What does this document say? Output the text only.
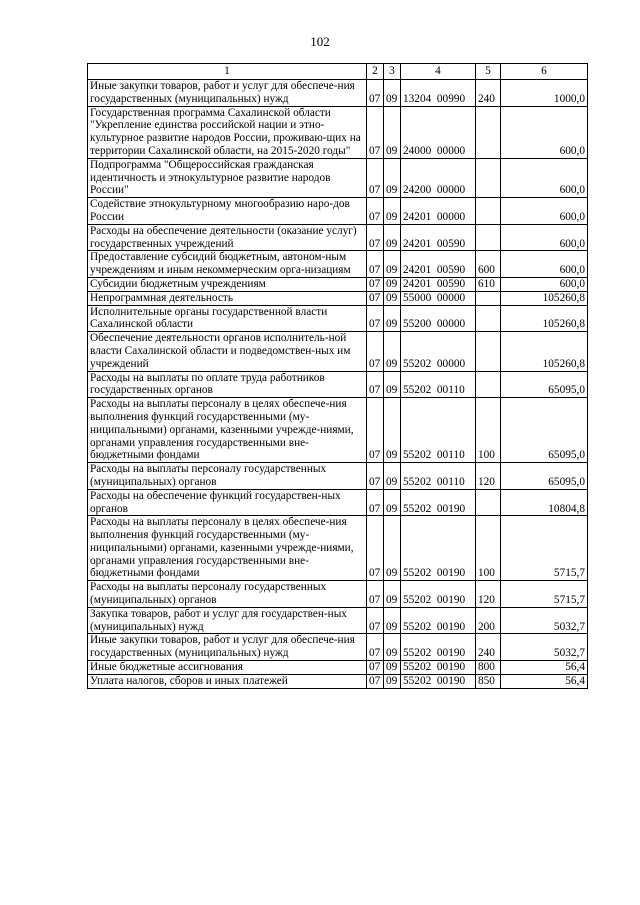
102
1	2	3	4	5	6
Иные закупки товаров, работ и услуг для обеспече-ния государственных (муниципальных) нужд	07	09	13204  00990	240	1000,0
Государственная программа Сахалинской области "Укрепление единства российской нации и этно-культурное развитие народов России, проживаю-щих на территории Сахалинской области, на 2015-2020 годы"	07	09	24000  00000		600,0
Подпрограмма "Общероссийская гражданская идентичность и этнокультурное развитие народов России"	07	09	24200  00000		600,0
Содействие этнокультурному многообразию наро-дов России	07	09	24201  00000		600,0
Расходы на обеспечение деятельности (оказание услуг) государственных учреждений	07	09	24201  00590		600,0
Предоставление субсидий бюджетным, автоном-ным учреждениям и иным некоммерческим орга-низациям	07	09	24201  00590	600	600,0
Субсидии бюджетным учреждениям	07	09	24201  00590	610	600,0
Непрограммная деятельность	07	09	55000  00000		105260,8
Исполнительные органы государственной власти Сахалинской области	07	09	55200  00000		105260,8
Обеспечение деятельности органов исполнитель-ной власти Сахалинской области и подведомствен-ных им учреждений	07	09	55202  00000		105260,8
Расходы на выплаты по оплате труда работников государственных органов	07	09	55202  00110		65095,0
Расходы на выплаты персоналу в целях обеспече-ния выполнения функций государственными (му-ниципальными) органами, казенными учрежде-ниями, органами управления государственными вне-бюджетными фондами	07	09	55202  00110	100	65095,0
Расходы на выплаты персоналу государственных (муниципальных) органов	07	09	55202  00110	120	65095,0
Расходы на обеспечение функций государствен-ных органов	07	09	55202  00190		10804,8
Расходы на выплаты персоналу в целях обеспече-ния выполнения функций государственными (му-ниципальными) органами, казенными учрежде-ниями, органами управления государственными вне-бюджетными фондами	07	09	55202  00190	100	5715,7
Расходы на выплаты персоналу государственных (муниципальных) органов	07	09	55202  00190	120	5715,7
Закупка товаров, работ и услуг для государствен-ных (муниципальных) нужд	07	09	55202  00190	200	5032,7
Иные закупки товаров, работ и услуг для обеспече-ния государственных (муниципальных) нужд	07	09	55202  00190	240	5032,7
Иные бюджетные ассигнования	07	09	55202  00190	800	56,4
Уплата налогов, сборов и иных платежей	07	09	55202  00190	850	56,4
